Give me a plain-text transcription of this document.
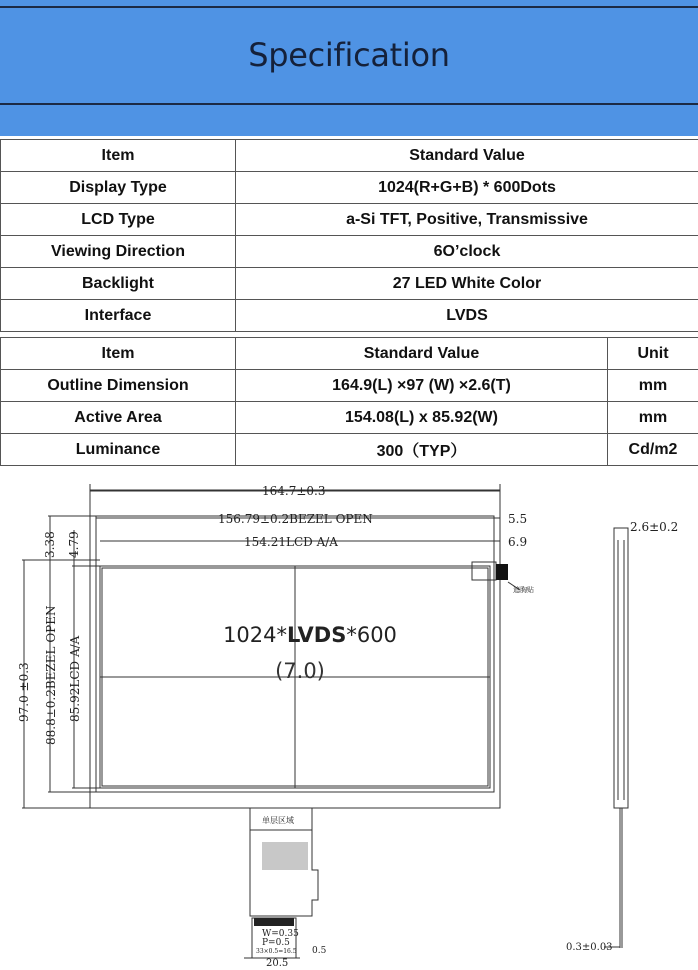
Specification
Item	Standard Value
Display Type	1024(R+G+B) * 600Dots
LCD Type	a-Si TFT, Positive, Transmissive
Viewing Direction	6O’clock
Backlight	27 LED White Color
Interface	LVDS
Item	Standard Value	Unit
Outline Dimension	164.9(L) ×97 (W) ×2.6(T)	mm
Active Area	154.08(L) x 85.92(W)	mm
Luminance	300（TYP）	Cd/m2
164.7±0.3
156.79±0.2BEZEL OPEN
154.21LCD A/A
5.5
6.9
3.38 4.79
97.0 ±0.3 88.8±0.2BEZEL OPEN 85.92LCD A/A
遮胸贴
1024*LVDS*600
(7.0)
单层区域
W=0.35
P=0.5
33×0.5=16.5 0.5
20.5
2.6±0.2
0.3±0.03
